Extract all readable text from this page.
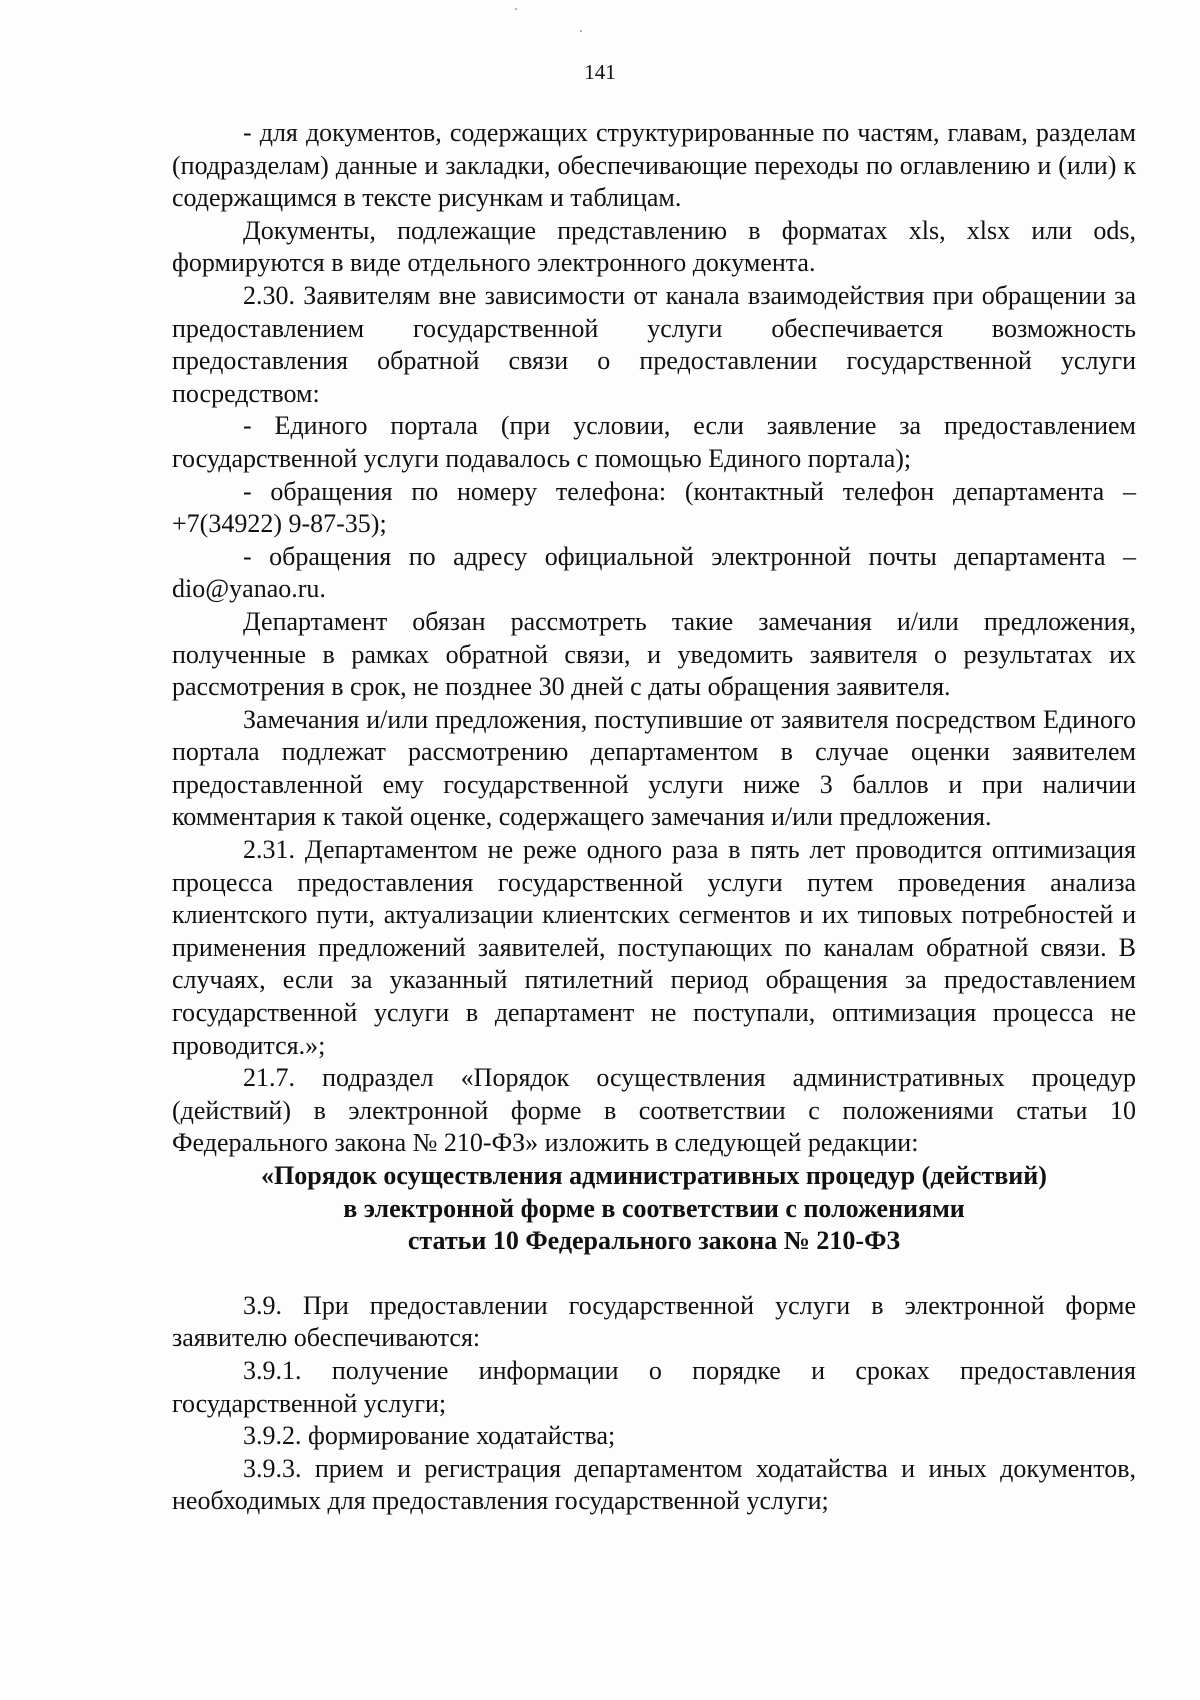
141

- для документов, содержащих структурированные по частям, главам, разделам (подразделам) данные и закладки, обеспечивающие переходы по оглавлению и (или) к содержащимся в тексте рисункам и таблицам.

Документы, подлежащие представлению в форматах xls, xlsx или ods, формируются в виде отдельного электронного документа.

2.30. Заявителям вне зависимости от канала взаимодействия при обращении за предоставлением государственной услуги обеспечивается возможность предоставления обратной связи о предоставлении государственной услуги посредством:

- Единого портала (при условии, если заявление за предоставлением государственной услуги подавалось с помощью Единого портала);

- обращения по номеру телефона: (контактный телефон департамента – +7(34922) 9-87-35);

- обращения по адресу официальной электронной почты департамента – dio@yanao.ru.

Департамент обязан рассмотреть такие замечания и/или предложения, полученные в рамках обратной связи, и уведомить заявителя о результатах их рассмотрения в срок, не позднее 30 дней с даты обращения заявителя.

Замечания и/или предложения, поступившие от заявителя посредством Единого портала подлежат рассмотрению департаментом в случае оценки заявителем предоставленной ему государственной услуги ниже 3 баллов и при наличии комментария к такой оценке, содержащего замечания и/или предложения.

2.31. Департаментом не реже одного раза в пять лет проводится оптимизация процесса предоставления государственной услуги путем проведения анализа клиентского пути, актуализации клиентских сегментов и их типовых потребностей и применения предложений заявителей, поступающих по каналам обратной связи. В случаях, если за указанный пятилетний период обращения за предоставлением государственной услуги в департамент не поступали, оптимизация процесса не проводится.»;

21.7. подраздел «Порядок осуществления административных процедур (действий) в электронной форме в соответствии с положениями статьи 10 Федерального закона № 210-ФЗ» изложить в следующей редакции:

«Порядок осуществления административных процедур (действий)
в электронной форме в соответствии с положениями
статьи 10 Федерального закона № 210-ФЗ

3.9. При предоставлении государственной услуги в электронной форме заявителю обеспечиваются:

3.9.1. получение информации о порядке и сроках предоставления государственной услуги;

3.9.2. формирование ходатайства;

3.9.3. прием и регистрация департаментом ходатайства и иных документов, необходимых для предоставления государственной услуги;
